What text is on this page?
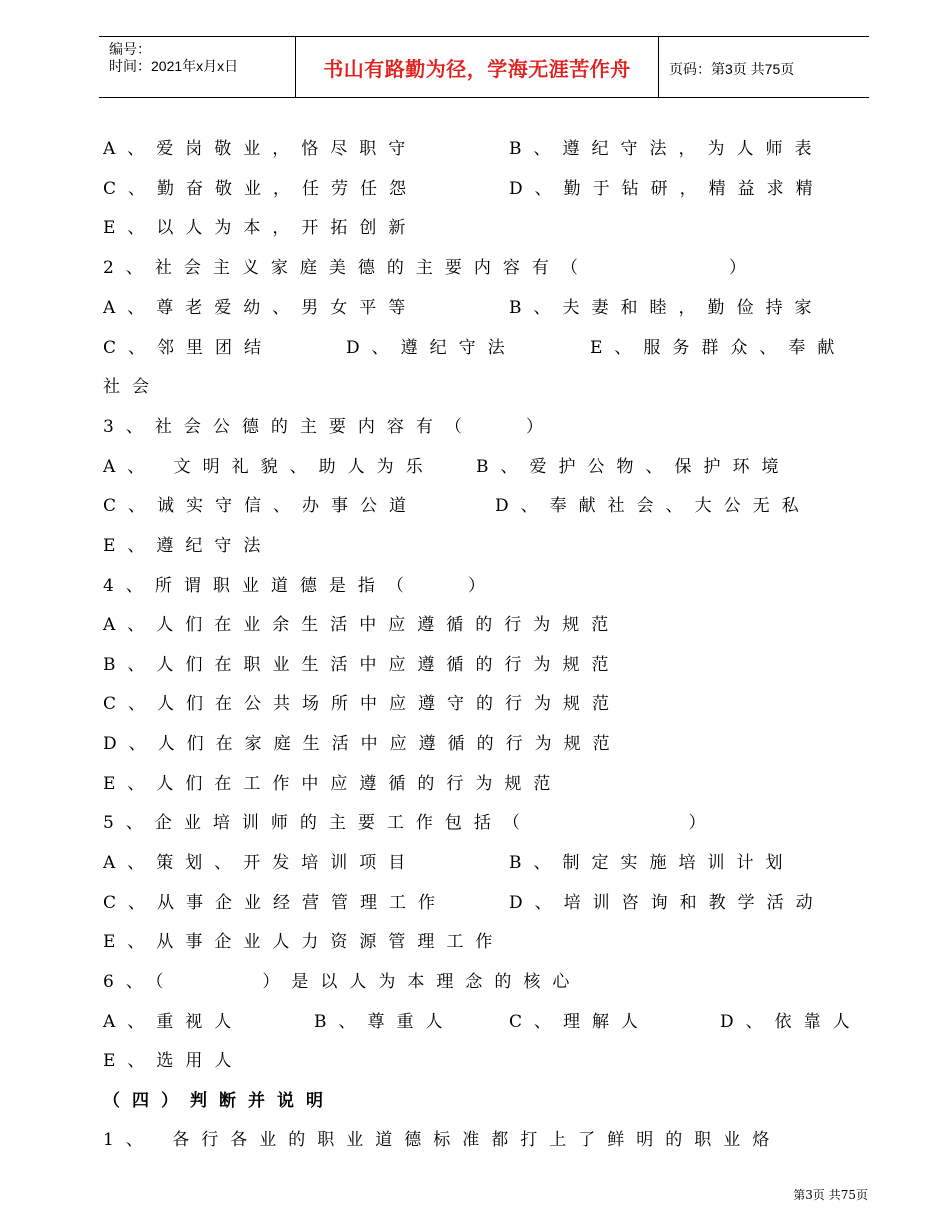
编号：
时间：2021年x月x日	书山有路勤为径，学海无涯苦作舟	页码：第3页 共75页

A、爱岗敬业，恪尽职守

	B、遵纪守法，为人师表

C、勤奋敬业，任劳任怨

	D、勤于钻研，精益求精

E、以人为本，开拓创新
2、社会主义家庭美德的主要内容有（        ）

A、尊老爱幼、男女平等

	B、夫妻和睦，勤俭持家

C、邻里团结

	D、遵纪守法

	E、服务群众、奉献

社会
3、社会公德的主要内容有（   ）

A、 文明礼貌、助人为乐

B、爱护公物、保护环境

C、诚实守信、办事公道

	D、奉献社会、大公无私

E、遵纪守法
4、所谓职业道德是指（   ）
A、人们在业余生活中应遵循的行为规范
B、人们在职业生活中应遵循的行为规范
C、人们在公共场所中应遵守的行为规范
D、人们在家庭生活中应遵循的行为规范
E、人们在工作中应遵循的行为规范
5、企业培训师的主要工作包括（         ）

A、策划、开发培训项目

	B、制定实施培训计划

C、从事企业经营管理工作

	D、培训咨询和教学活动

E、从事企业人力资源管理工作
6、（     ）是以人为本理念的核心

A、重视人

	B、尊重人

	C、理解人

	D、依靠人

E、选用人
（四）判断并说明
1、 各行各业的职业道德标准都打上了鲜明的职业烙
第3页 共75页
